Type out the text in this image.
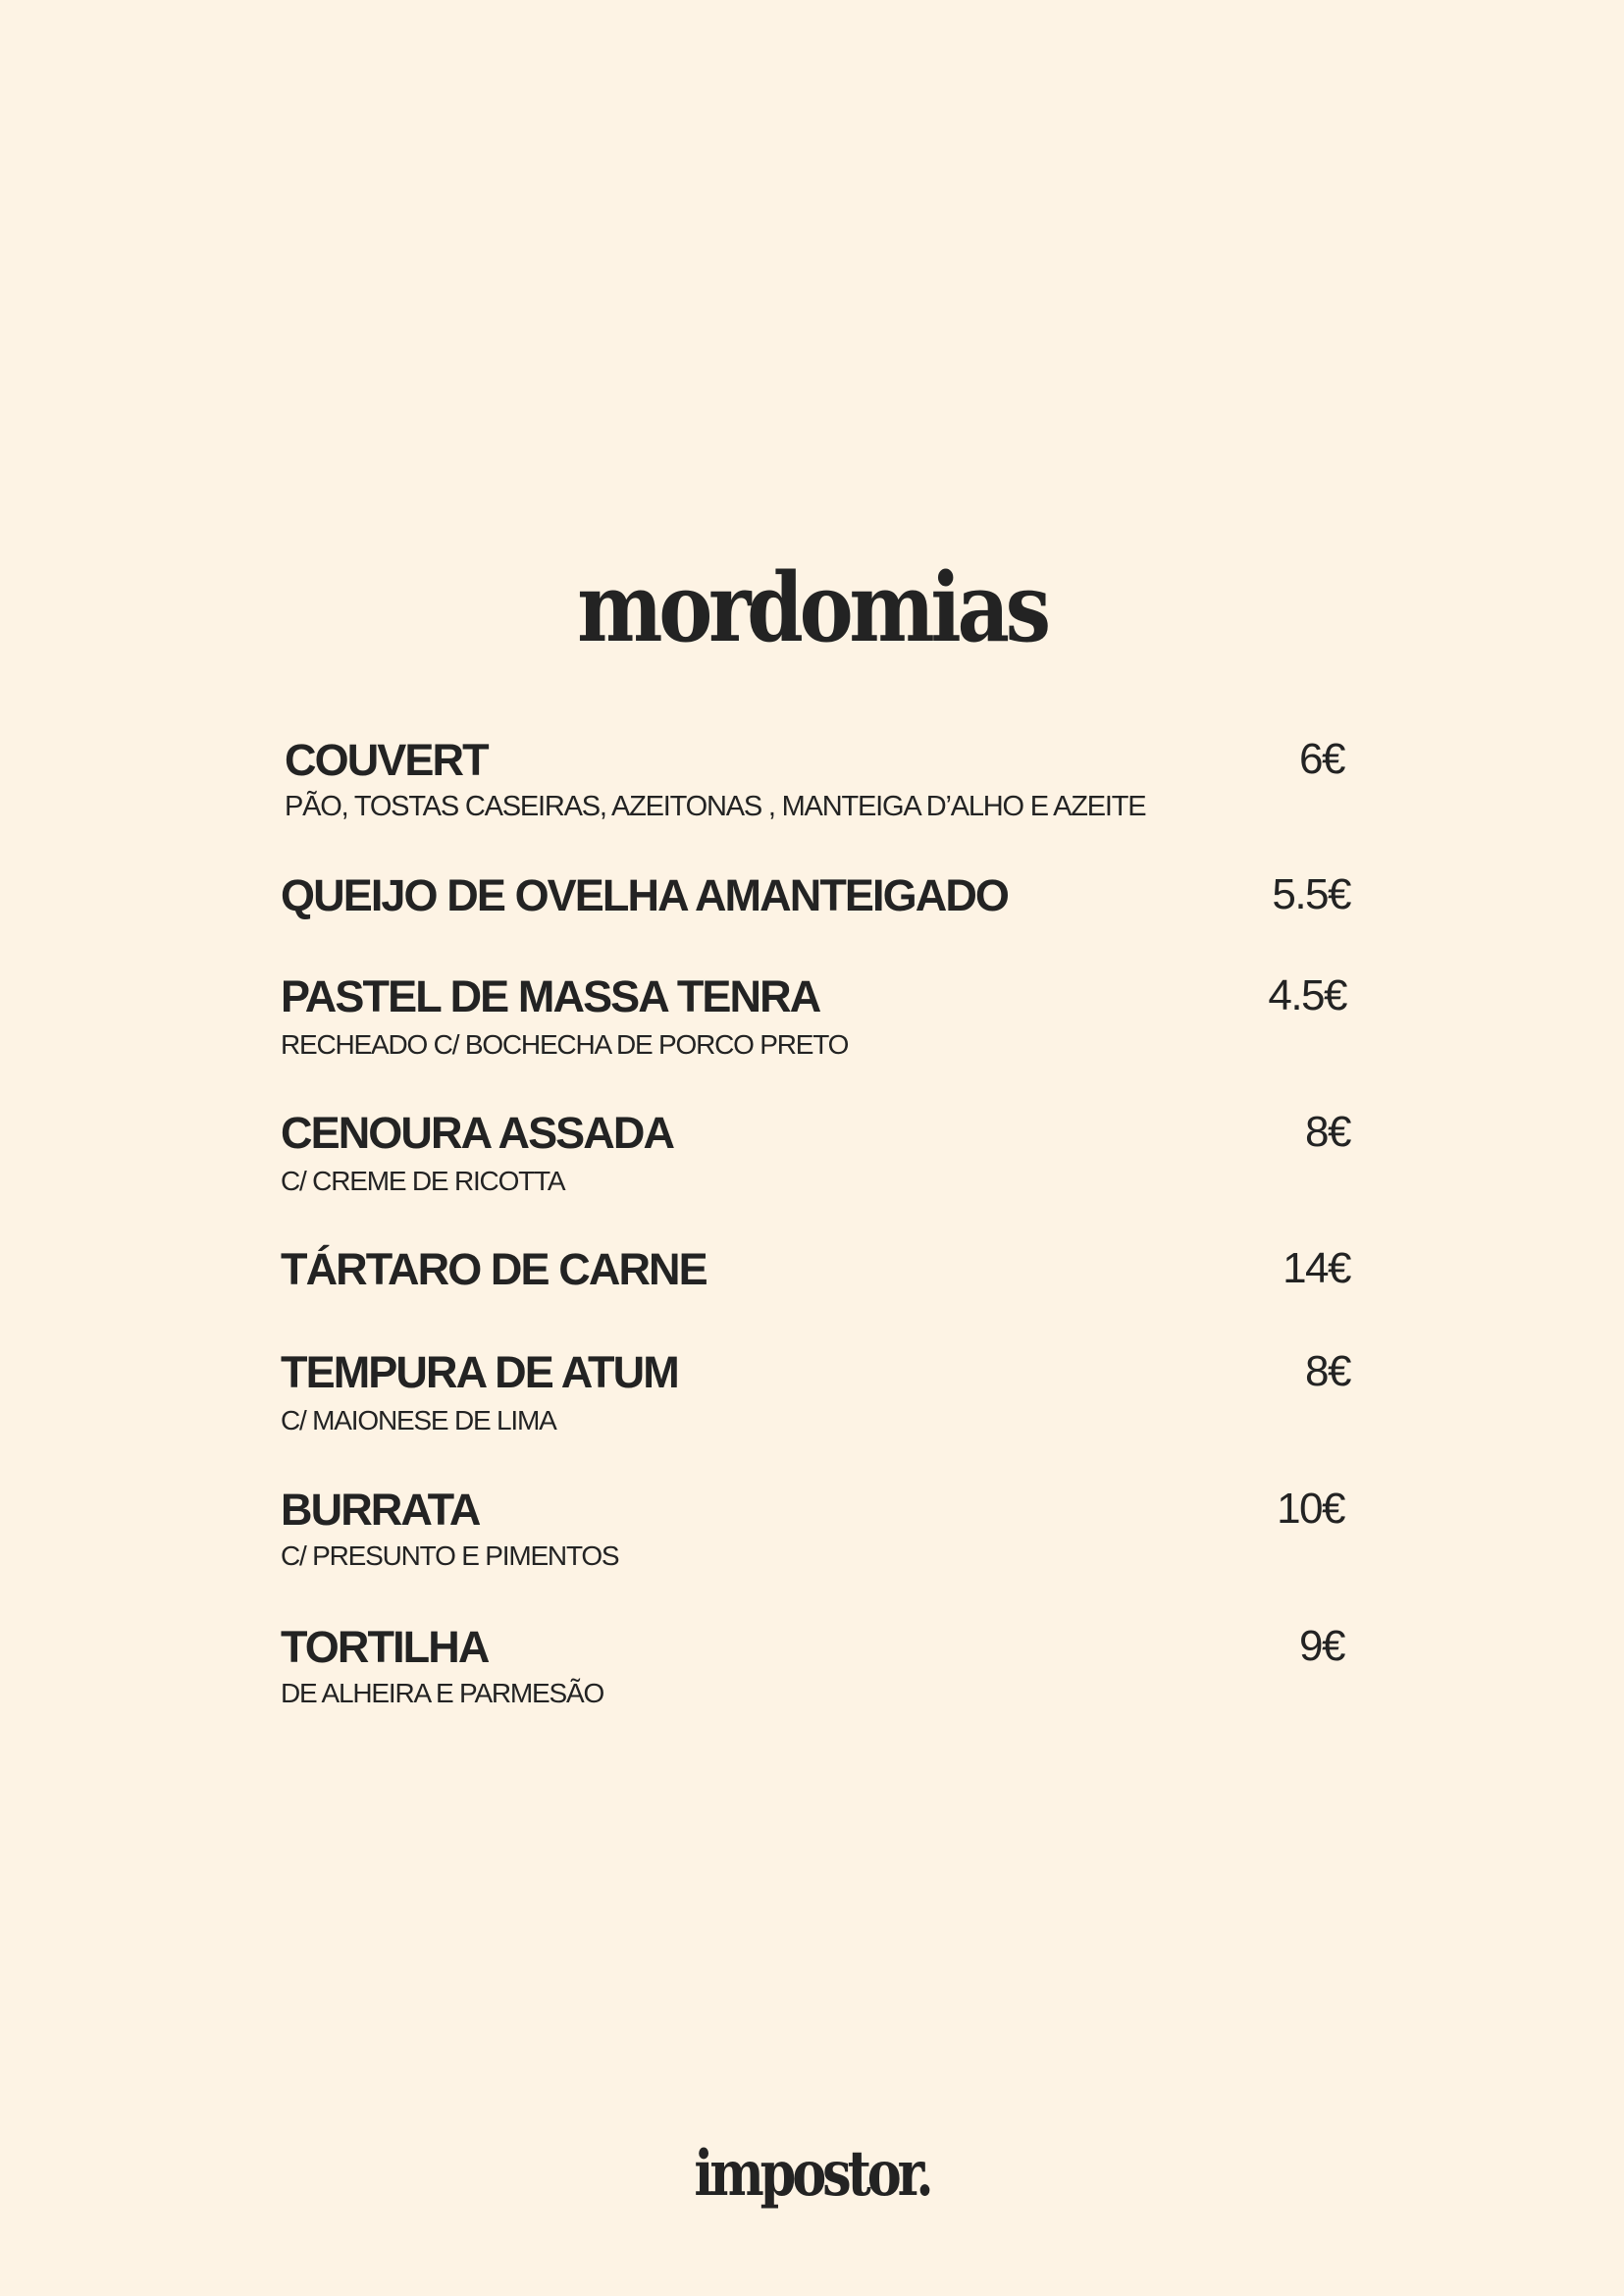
mordomias
COUVERT
PÃO, TOSTAS CASEIRAS, AZEITONAS , MANTEIGA D’ALHO E AZEITE
6€
QUEIJO DE OVELHA AMANTEIGADO	5.5€
PASTEL DE MASSA TENRA
RECHEADO C/ BOCHECHA DE PORCO PRETO
4.5€
CENOURA ASSADA
C/ CREME DE RICOTTA
8€
TÁRTARO DE CARNE	14€
TEMPURA DE ATUM
C/ MAIONESE DE LIMA
8€
BURRATA
C/ PRESUNTO E PIMENTOS
10€
TORTILHA
DE ALHEIRA E PARMESÃO
9€
impostor.
